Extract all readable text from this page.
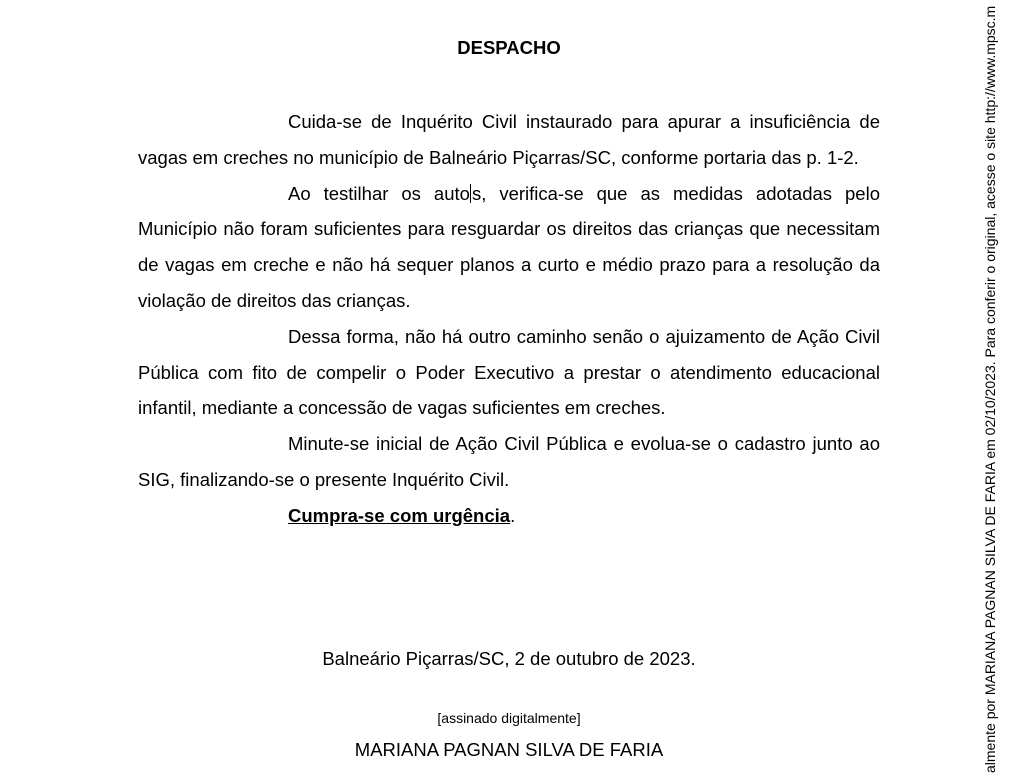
DESPACHO

Cuida-se de Inquérito Civil instaurado para apurar a insuficiência de vagas em creches no município de Balneário Piçarras/SC, conforme portaria das p. 1-2.

Ao testilhar os auto s, verifica-se que as medidas adotadas pelo Município não foram suficientes para resguardar os direitos das crianças que necessitam de vagas em creche e não há sequer planos a curto e médio prazo para a resolução da violação de direitos das crianças.

Dessa forma, não há outro caminho senão o ajuizamento de Ação Civil Pública com fito de compelir o Poder Executivo a prestar o atendimento educacional infantil, mediante a concessão de vagas suficientes em creches.

Minute-se inicial de Ação Civil Pública e evolua-se o cadastro junto ao SIG, finalizando-se o presente Inquérito Civil.

Cumpra-se com urgência.

Balneário Piçarras/SC, 2 de outubro de 2023.
[assinado digitalmente]
MARIANA PAGNAN SILVA DE FARIA	almente por MARIANA PAGNAN SILVA DE FARIA em 02/10/2023. Para conferir o original, acesse o site http://www.mpsc.m
